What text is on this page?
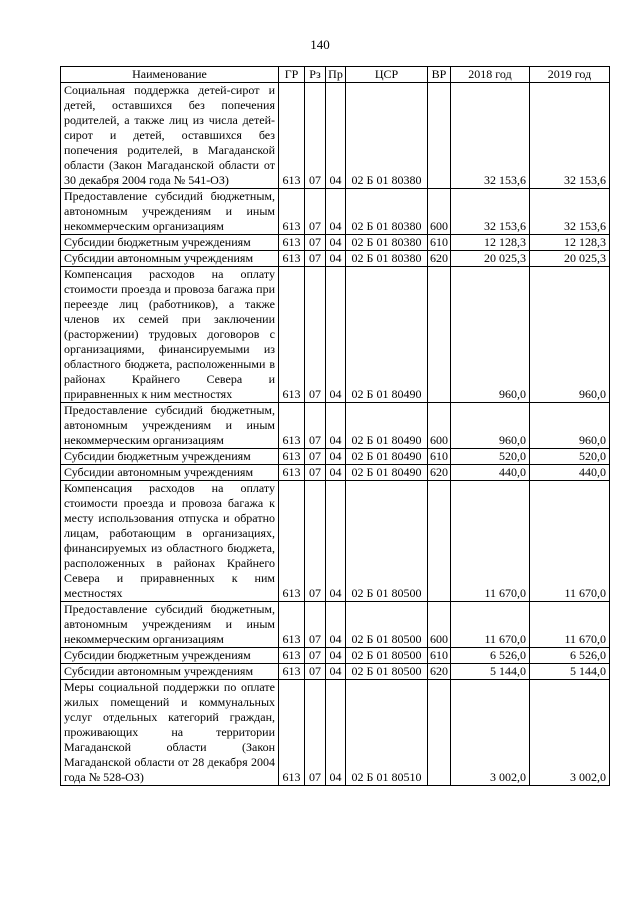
140
Наименование	ГР	Рз	Пр	ЦСР	ВР	2018 год	2019 год
Социальная поддержка детей-сирот и детей, оставшихся без попечения родителей, а также лиц из числа детей-сирот и детей, оставшихся без попечения родителей, в Магаданской области (Закон Магаданской области от 30 декабря 2004 года № 541-ОЗ)	613	07	04	02 Б 01 80380		32 153,6	32 153,6
Предоставление субсидий бюджетным, автономным учреждениям и иным некоммерческим организациям	613	07	04	02 Б 01 80380	600	32 153,6	32 153,6
Субсидии бюджетным учреждениям	613	07	04	02 Б 01 80380	610	12 128,3	12 128,3
Субсидии автономным учреждениям	613	07	04	02 Б 01 80380	620	20 025,3	20 025,3
Компенсация расходов на оплату стоимости проезда и провоза багажа при переезде лиц (работников), а также членов их семей при заключении (расторжении) трудовых договоров с организациями, финансируемыми из областного бюджета, расположенными в районах Крайнего Севера и приравненных к ним местностях	613	07	04	02 Б 01 80490		960,0	960,0
Предоставление субсидий бюджетным, автономным учреждениям и иным некоммерческим организациям	613	07	04	02 Б 01 80490	600	960,0	960,0
Субсидии бюджетным учреждениям	613	07	04	02 Б 01 80490	610	520,0	520,0
Субсидии автономным учреждениям	613	07	04	02 Б 01 80490	620	440,0	440,0
Компенсация расходов на оплату стоимости проезда и провоза багажа к месту использования отпуска и обратно лицам, работающим в организациях, финансируемых из областного бюджета, расположенных в районах Крайнего Севера и приравненных к ним местностях	613	07	04	02 Б 01 80500		11 670,0	11 670,0
Предоставление субсидий бюджетным, автономным учреждениям и иным некоммерческим организациям	613	07	04	02 Б 01 80500	600	11 670,0	11 670,0
Субсидии бюджетным учреждениям	613	07	04	02 Б 01 80500	610	6 526,0	6 526,0
Субсидии автономным учреждениям	613	07	04	02 Б 01 80500	620	5 144,0	5 144,0
Меры социальной поддержки по оплате жилых помещений и коммунальных услуг отдельных категорий граждан, проживающих на территории Магаданской области (Закон Магаданской области от 28 декабря 2004 года № 528-ОЗ)	613	07	04	02 Б 01 80510		3 002,0	3 002,0
